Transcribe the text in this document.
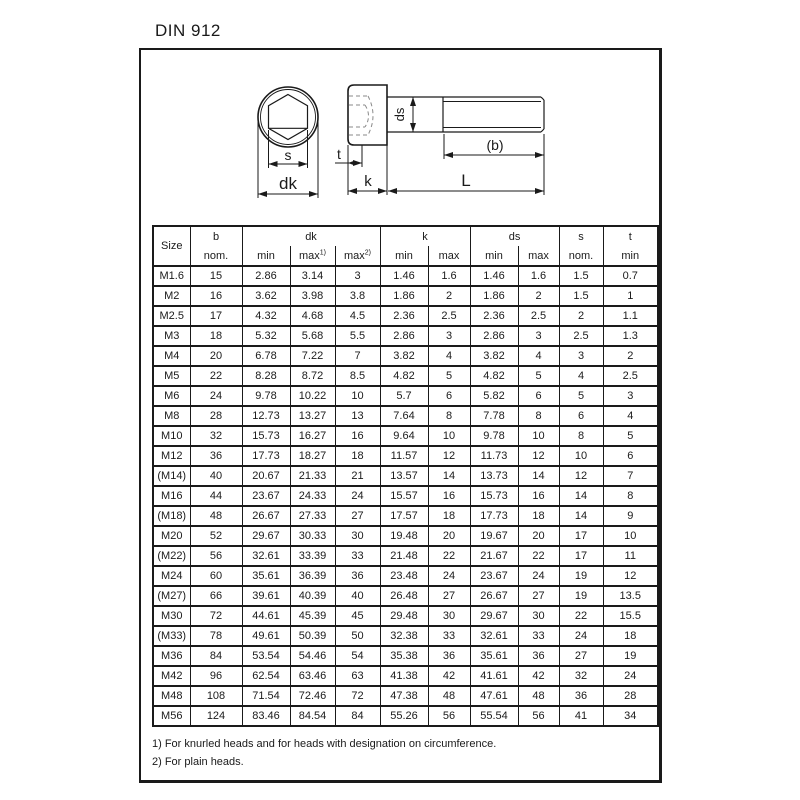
DIN 912
s
dk
ds
t
k
(b)
L
Size	b	dk			k		ds		s	t
	nom.	min	$\max^{1)}$	$\max^{2)}$	min	max	min	max	nom.	min
M1.6	15	2.86	3.14	3	1.46	1.6	1.46	1.6	1.5	0.7
M2	16	3.62	3.98	3.8	1.86	2	1.86	2	1.5	1
M2.5	17	4.32	4.68	4.5	2.36	2.5	2.36	2.5	2	1.1
M3	18	5.32	5.68	5.5	2.86	3	2.86	3	2.5	1.3
M4	20	6.78	7.22	7	3.82	4	3.82	4	3	2
M5	22	8.28	8.72	8.5	4.82	5	4.82	5	4	2.5
M6	24	9.78	10.22	10	5.7	6	5.82	6	5	3
M8	28	12.73	13.27	13	7.64	8	7.78	8	6	4
M10	32	15.73	16.27	16	9.64	10	9.78	10	8	5
M12	36	17.73	18.27	18	11.57	12	11.73	12	10	6
(M14)	40	20.67	21.33	21	13.57	14	13.73	14	12	7
M16	44	23.67	24.33	24	15.57	16	15.73	16	14	8
(M18)	48	26.67	27.33	27	17.57	18	17.73	18	14	9
M20	52	29.67	30.33	30	19.48	20	19.67	20	17	10
(M22)	56	32.61	33.39	33	21.48	22	21.67	22	17	11
M24	60	35.61	36.39	36	23.48	24	23.67	24	19	12
(M27)	66	39.61	40.39	40	26.48	27	26.67	27	19	13.5
M30	72	44.61	45.39	45	29.48	30	29.67	30	22	15.5
(M33)	78	49.61	50.39	50	32.38	33	32.61	33	24	18
M36	84	53.54	54.46	54	35.38	36	35.61	36	27	19
M42	96	62.54	63.46	63	41.38	42	41.61	42	32	24
M48	108	71.54	72.46	72	47.38	48	47.61	48	36	28
M56	124	83.46	84.54	84	55.26	56	55.54	56	41	34
1) For knurled heads and for heads with designation on circumference.
2) For plain heads.
